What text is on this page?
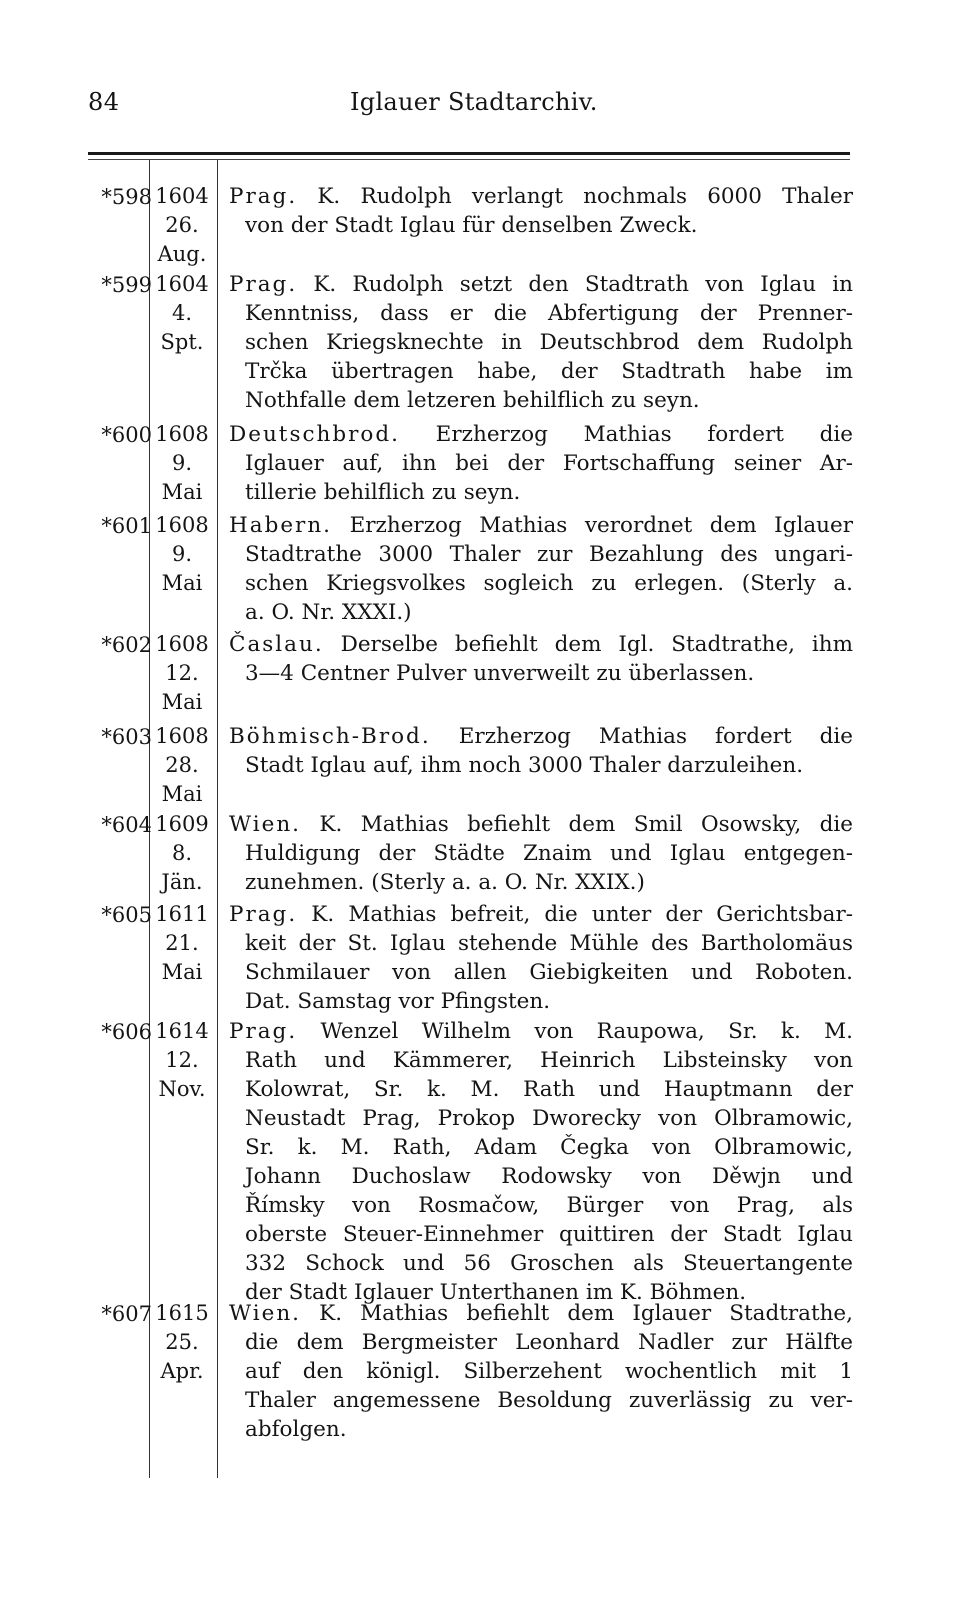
84	Iglauer Stadtarchiv.
*598 1604
26.
Aug.
Prag. K. Rudolph verlangt nochmals 6000 Thaler
von der Stadt Iglau für denselben Zweck.
*599 1604
4.
Spt.
Prag. K. Rudolph setzt den Stadtrath von Iglau in
Kenntniss, dass er die Abfertigung der Prenner-
schen Kriegsknechte in Deutschbrod dem Rudolph
Trčka übertragen habe, der Stadtrath habe im
Nothfalle dem letzeren behilflich zu seyn.
*600 1608
9.
Mai
Deutschbrod. Erzherzog Mathias fordert die
Iglauer auf, ihn bei der Fortschaffung seiner Ar-
tillerie behilflich zu seyn.
*601 1608
9.
Mai
Habern. Erzherzog Mathias verordnet dem Iglauer
Stadtrathe 3000 Thaler zur Bezahlung des ungari-
schen Kriegsvolkes sogleich zu erlegen. (Sterly a.
a. O. Nr. XXXI.)
*602 1608
12.
Mai
Časlau. Derselbe befiehlt dem Igl. Stadtrathe, ihm
3—4 Centner Pulver unverweilt zu überlassen.
*603 1608
28.
Mai
Böhmisch-Brod. Erzherzog Mathias fordert die
Stadt Iglau auf, ihm noch 3000 Thaler darzuleihen.
*604 1609
8.
Jän.
Wien. K. Mathias befiehlt dem Smil Osowsky, die
Huldigung der Städte Znaim und Iglau entgegen-
zunehmen. (Sterly a. a. O. Nr. XXIX.)
*605 1611
21.
Mai
Prag. K. Mathias befreit, die unter der Gerichtsbar-
keit der St. Iglau stehende Mühle des Bartholomäus
Schmilauer von allen Giebigkeiten und Roboten.
Dat. Samstag vor Pfingsten.
*606 1614
12.
Nov.
Prag. Wenzel Wilhelm von Raupowa, Sr. k. M.
Rath und Kämmerer, Heinrich Libsteinsky von
Kolowrat, Sr. k. M. Rath und Hauptmann der
Neustadt Prag, Prokop Dworecky von Olbramowic,
Sr. k. M. Rath, Adam Čegka von Olbramowic,
Johann Duchoslaw Rodowsky von Děwjn und
Římsky von Rosmačow, Bürger von Prag, als
oberste Steuer-Einnehmer quittiren der Stadt Iglau
332 Schock und 56 Groschen als Steuertangente
der Stadt Iglauer Unterthanen im K. Böhmen.
*607 1615
25.
Apr.
Wien. K. Mathias befiehlt dem Iglauer Stadtrathe,
die dem Bergmeister Leonhard Nadler zur Hälfte
auf den königl. Silberzehent wochentlich mit 1
Thaler angemessene Besoldung zuverlässig zu ver-
abfolgen.
